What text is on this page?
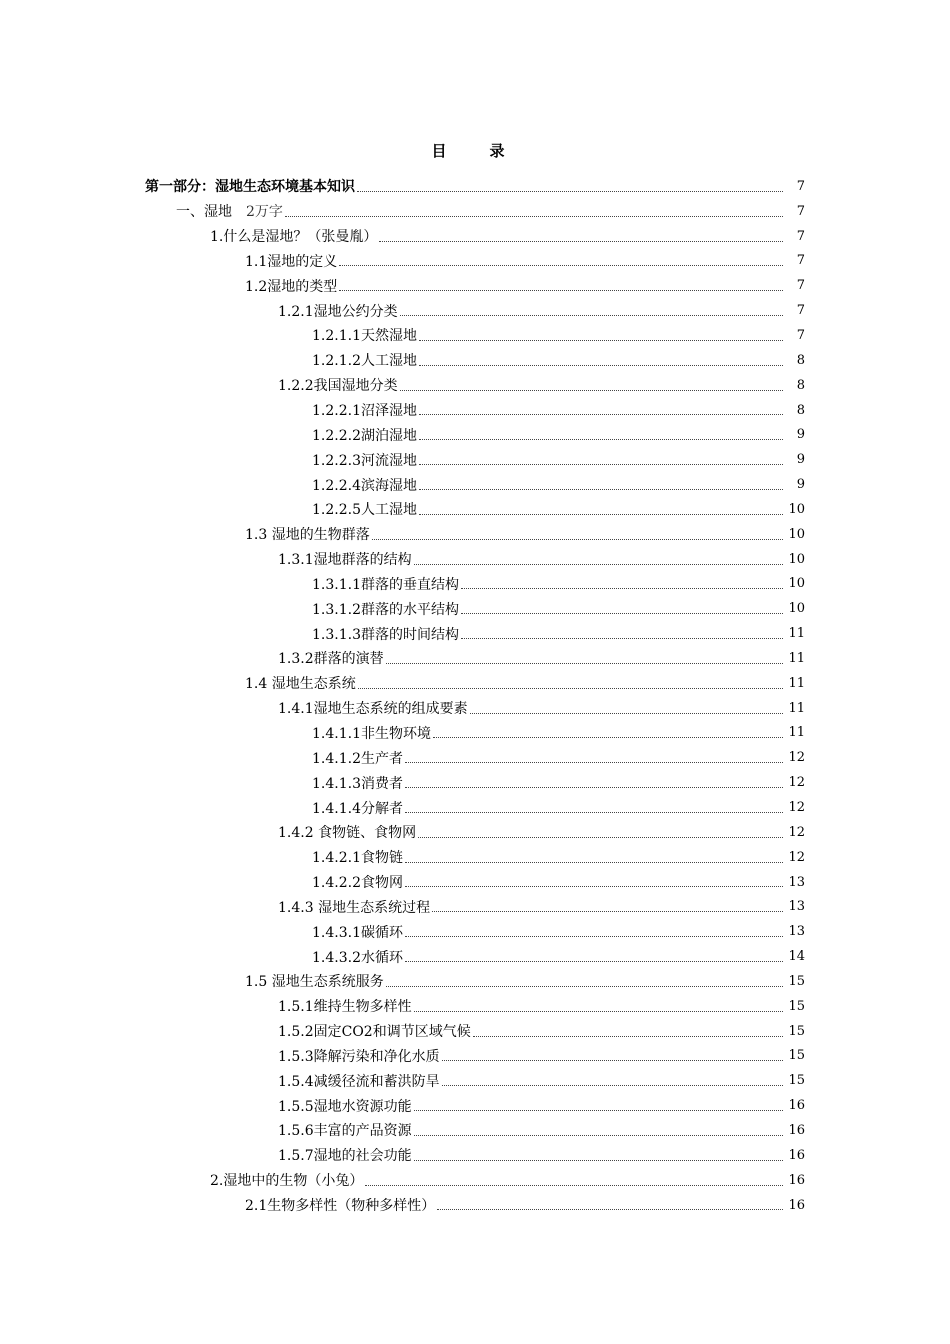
目　录
第一部分：湿地生态环境基本知识	7
一、湿地 2万字	7
1.什么是湿地？（张曼胤）	7
1.1湿地的定义	7
1.2湿地的类型	7
1.2.1湿地公约分类	7
1.2.1.1天然湿地	7
1.2.1.2人工湿地	8
1.2.2我国湿地分类	8
1.2.2.1沼泽湿地	8
1.2.2.2湖泊湿地	9
1.2.2.3河流湿地	9
1.2.2.4滨海湿地	9
1.2.2.5人工湿地	10
1.3 湿地的生物群落	10
1.3.1湿地群落的结构	10
1.3.1.1群落的垂直结构	10
1.3.1.2群落的水平结构	10
1.3.1.3群落的时间结构	11
1.3.2群落的演替	11
1.4 湿地生态系统	11
1.4.1湿地生态系统的组成要素	11
1.4.1.1非生物环境	11
1.4.1.2生产者	12
1.4.1.3消费者	12
1.4.1.4分解者	12
1.4.2 食物链、食物网	12
1.4.2.1食物链	12
1.4.2.2食物网	13
1.4.3 湿地生态系统过程	13
1.4.3.1碳循环	13
1.4.3.2水循环	14
1.5 湿地生态系统服务	15
1.5.1维持生物多样性	15
1.5.2固定CO2和调节区域气候	15
1.5.3降解污染和净化水质	15
1.5.4减缓径流和蓄洪防旱	15
1.5.5湿地水资源功能	16
1.5.6丰富的产品资源	16
1.5.7湿地的社会功能	16
2.湿地中的生物（小兔）	16
2.1生物多样性（物种多样性）	16
